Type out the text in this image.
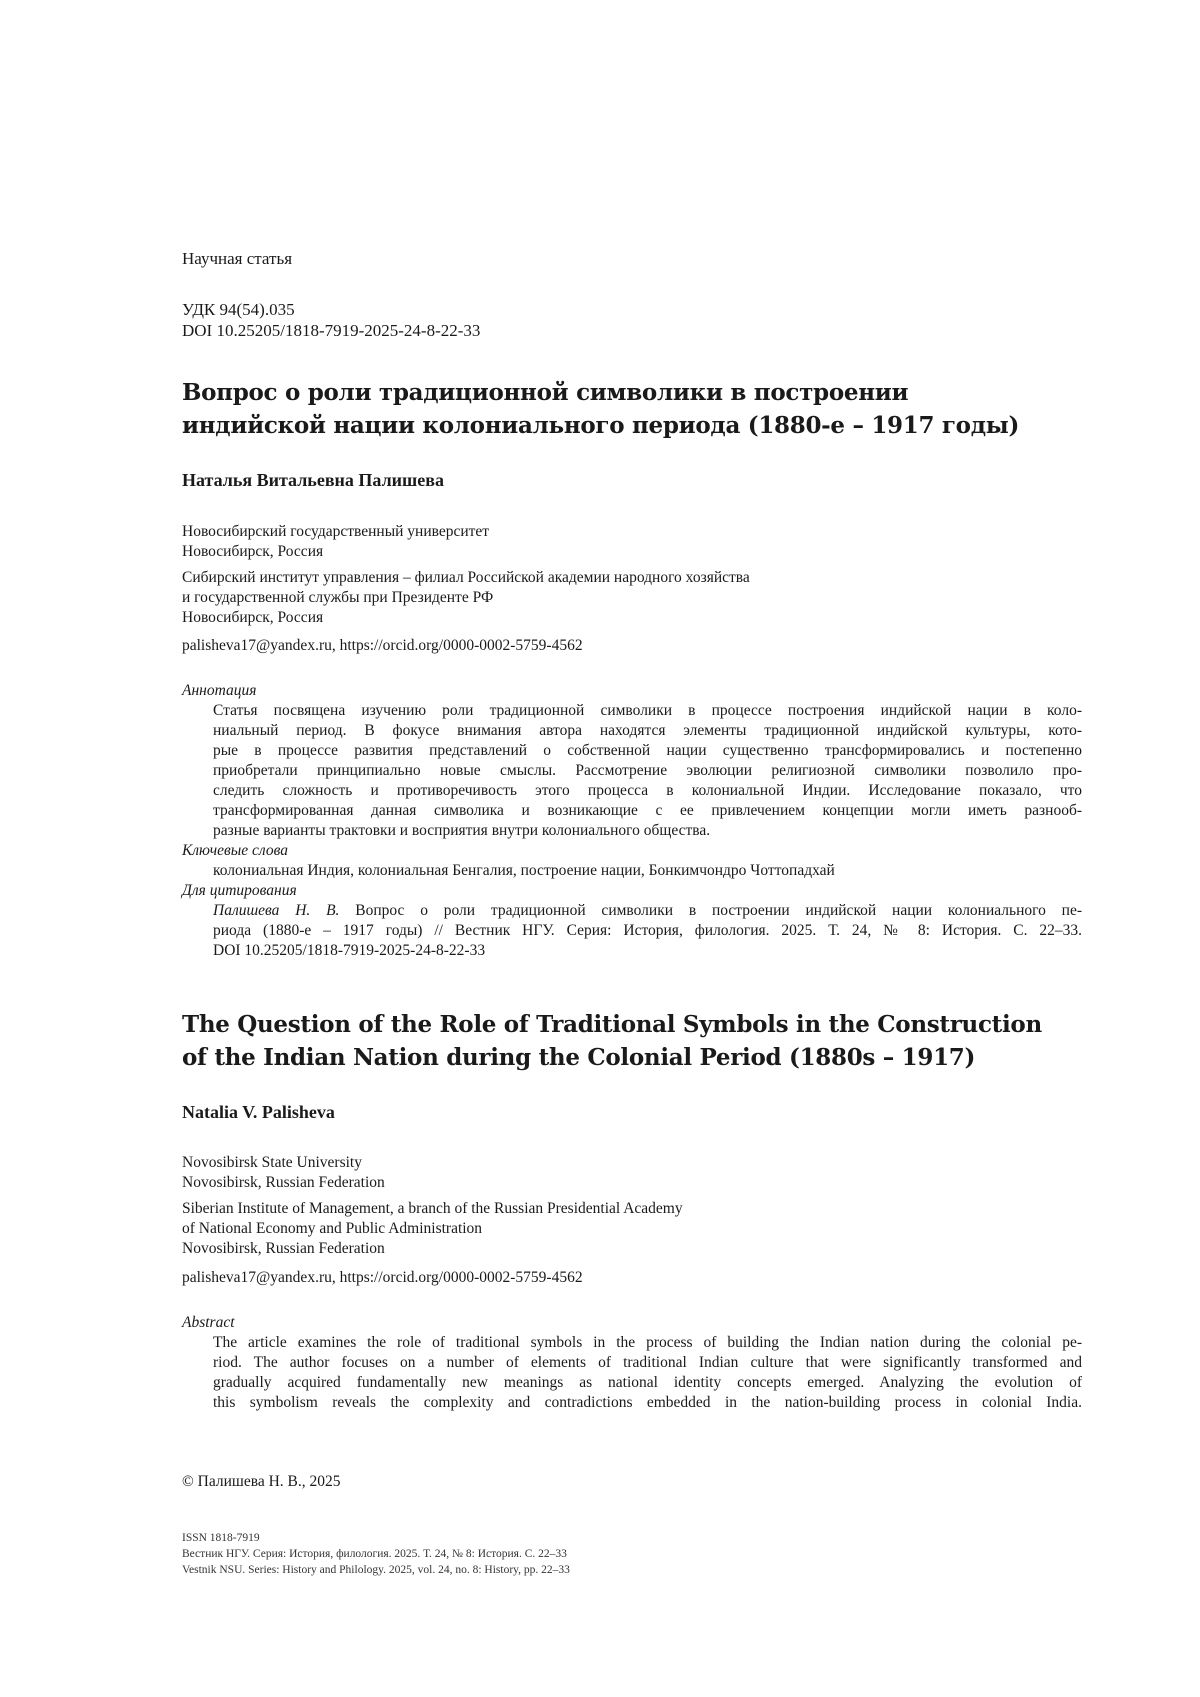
Научная статья
УДК 94(54).035
DOI 10.25205/1818-7919-2025-24-8-22-33
Вопрос о роли традиционной символики в построении
индийской нации колониального периода (1880-е – 1917 годы)
Наталья Витальевна Палишева
Новосибирский государственный университет
Новосибирск, Россия
Сибирский институт управления – филиал Российской академии народного хозяйства
и государственной службы при Президенте РФ
Новосибирск, Россия
palisheva17@yandex.ru, https://orcid.org/0000-0002-5759-4562
Аннотация
Статья посвящена изучению роли традиционной символики в процессе построения индийской нации в коло-
ниальный период. В фокусе внимания автора находятся элементы традиционной индийской культуры, кото-
рые в процессе развития представлений о собственной нации существенно трансформировались и постепенно
приобретали принципиально новые смыслы. Рассмотрение эволюции религиозной символики позволило про-
следить сложность и противоречивость этого процесса в колониальной Индии. Исследование показало, что
трансформированная данная символика и возникающие с ее привлечением концепции могли иметь разнооб-
разные варианты трактовки и восприятия внутри колониального общества.
Ключевые слова
колониальная Индия, колониальная Бенгалия, построение нации, Бонкимчондро Чоттопадхай
Для цитирования
Палишева Н. В. Вопрос о роли традиционной символики в построении индийской нации колониального пе-
риода (1880-е – 1917 годы) // Вестник НГУ. Серия: История, филология. 2025. Т. 24, № 8: История. С. 22–33.
DOI 10.25205/1818-7919-2025-24-8-22-33
The Question of the Role of Traditional Symbols in the Construction
of the Indian Nation during the Colonial Period (1880s – 1917)
Natalia V. Palisheva
Novosibirsk State University
Novosibirsk, Russian Federation
Siberian Institute of Management, a branch of the Russian Presidential Academy
of National Economy and Public Administration
Novosibirsk, Russian Federation
palisheva17@yandex.ru, https://orcid.org/0000-0002-5759-4562
Abstract
The article examines the role of traditional symbols in the process of building the Indian nation during the colonial pe-
riod. The author focuses on a number of elements of traditional Indian culture that were significantly transformed and
gradually acquired fundamentally new meanings as national identity concepts emerged. Analyzing the evolution of
this symbolism reveals the complexity and contradictions embedded in the nation-building process in colonial India.
© Палишева Н. В., 2025
ISSN 1818-7919
Вестник НГУ. Серия: История, филология. 2025. Т. 24, № 8: История. С. 22–33
Vestnik NSU. Series: History and Philology. 2025, vol. 24, no. 8: History, pp. 22–33
